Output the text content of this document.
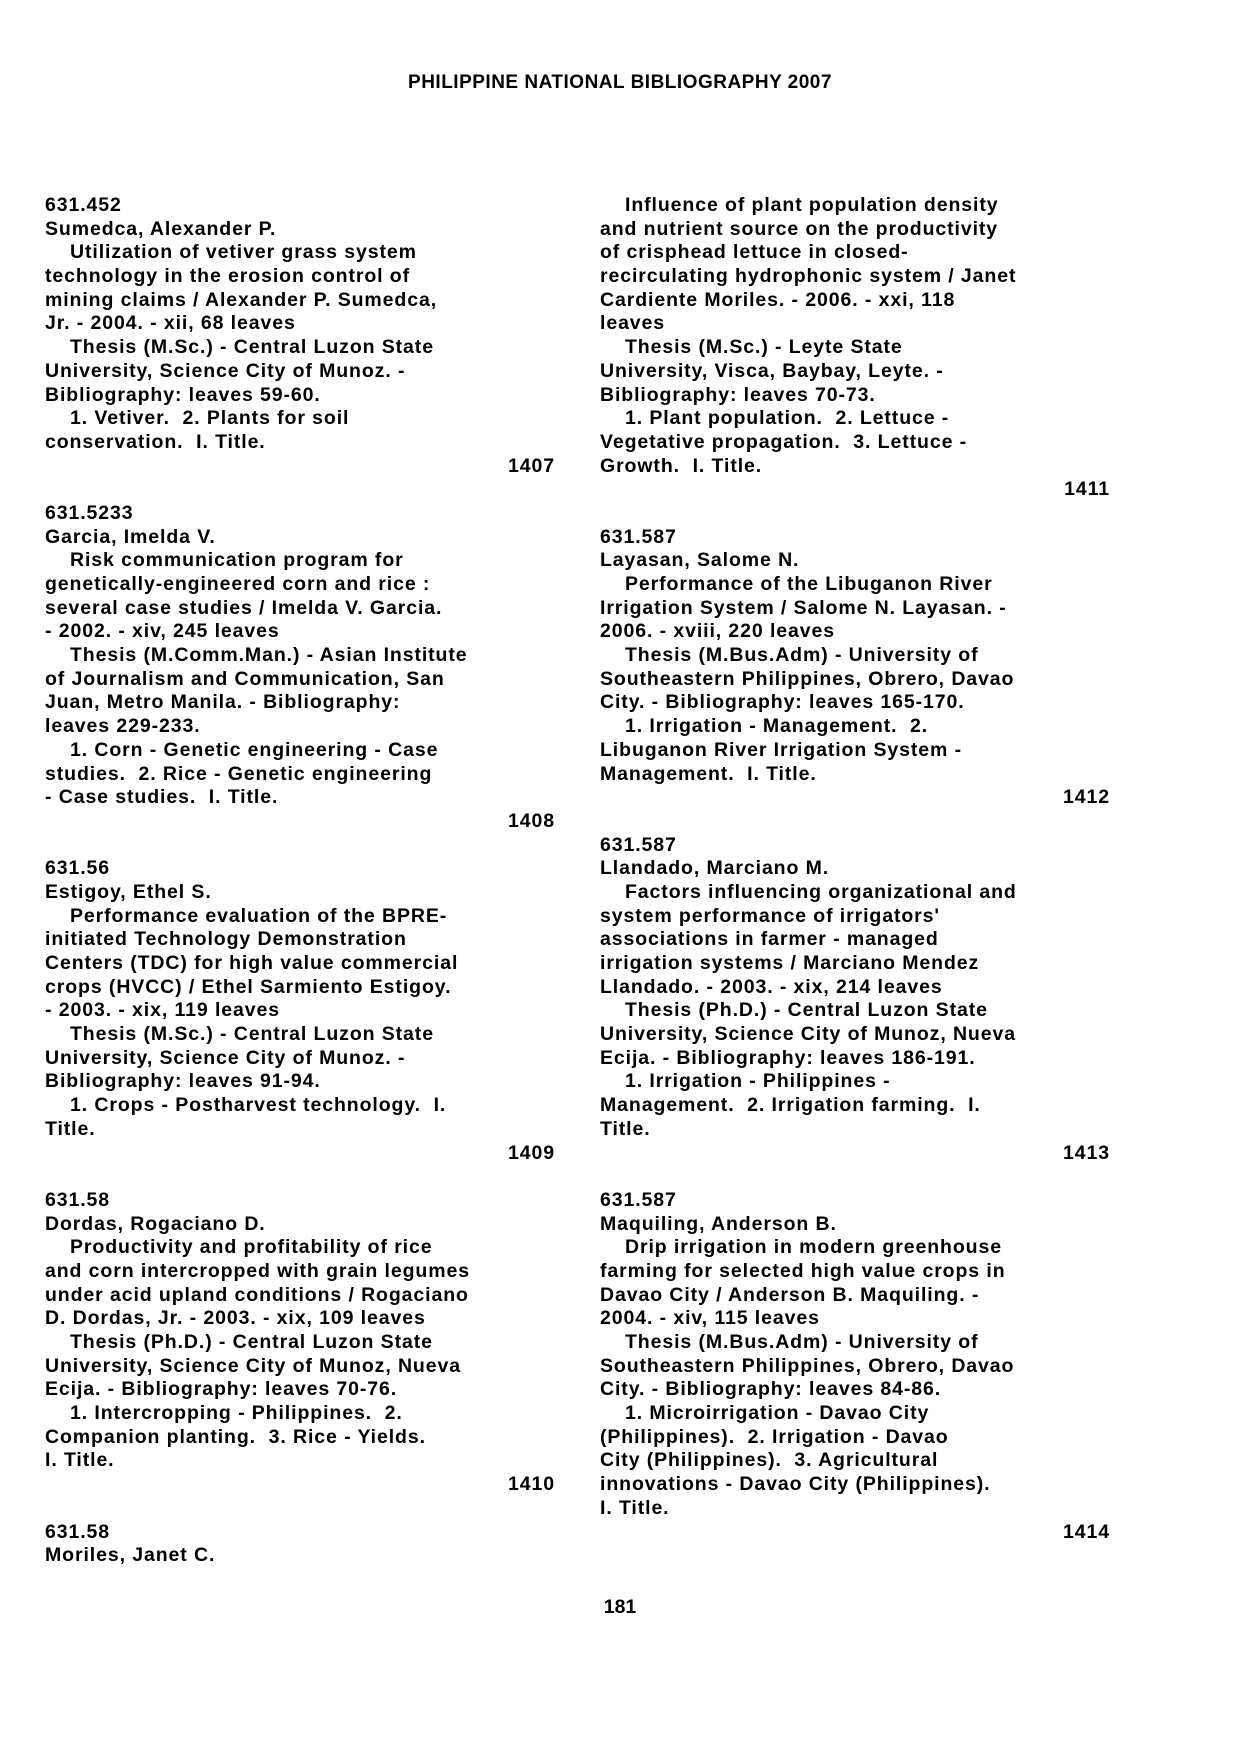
PHILIPPINE NATIONAL BIBLIOGRAPHY 2007
631.452
Sumedca, Alexander P.
Utilization of vetiver grass system
technology in the erosion control of
mining claims / Alexander P. Sumedca,
Jr. - 2004. - xii, 68 leaves
Thesis (M.Sc.) - Central Luzon State
University, Science City of Munoz. -
Bibliography: leaves 59-60.
1. Vetiver.  2. Plants for soil
conservation.  I. Title.
1407
631.5233
Garcia, Imelda V.
Risk communication program for
genetically-engineered corn and rice :
several case studies / Imelda V. Garcia.
- 2002. - xiv, 245 leaves
Thesis (M.Comm.Man.) - Asian Institute
of Journalism and Communication, San
Juan, Metro Manila. - Bibliography:
leaves 229-233.
1. Corn - Genetic engineering - Case
studies.  2. Rice - Genetic engineering
- Case studies.  I. Title.
1408
631.56
Estigoy, Ethel S.
Performance evaluation of the BPRE-
initiated Technology Demonstration
Centers (TDC) for high value commercial
crops (HVCC) / Ethel Sarmiento Estigoy.
- 2003. - xix, 119 leaves
Thesis (M.Sc.) - Central Luzon State
University, Science City of Munoz. -
Bibliography: leaves 91-94.
1. Crops - Postharvest technology.  I.
Title.
1409
631.58
Dordas, Rogaciano D.
Productivity and profitability of rice
and corn intercropped with grain legumes
under acid upland conditions / Rogaciano
D. Dordas, Jr. - 2003. - xix, 109 leaves
Thesis (Ph.D.) - Central Luzon State
University, Science City of Munoz, Nueva
Ecija. - Bibliography: leaves 70-76.
1. Intercropping - Philippines.  2.
Companion planting.  3. Rice - Yields.
I. Title.
1410
631.58
Moriles, Janet C.
Influence of plant population density
and nutrient source on the productivity
of crisphead lettuce in closed-
recirculating hydrophonic system / Janet
Cardiente Moriles. - 2006. - xxi, 118
leaves
Thesis (M.Sc.) - Leyte State
University, Visca, Baybay, Leyte. -
Bibliography: leaves 70-73.
1. Plant population.  2. Lettuce -
Vegetative propagation.  3. Lettuce -
Growth.  I. Title.
1411
631.587
Layasan, Salome N.
Performance of the Libuganon River
Irrigation System / Salome N. Layasan. -
2006. - xviii, 220 leaves
Thesis (M.Bus.Adm) - University of
Southeastern Philippines, Obrero, Davao
City. - Bibliography: leaves 165-170.
1. Irrigation - Management.  2.
Libuganon River Irrigation System -
Management.  I. Title.
1412
631.587
Llandado, Marciano M.
Factors influencing organizational and
system performance of irrigators'
associations in farmer - managed
irrigation systems / Marciano Mendez
Llandado. - 2003. - xix, 214 leaves
Thesis (Ph.D.) - Central Luzon State
University, Science City of Munoz, Nueva
Ecija. - Bibliography: leaves 186-191.
1. Irrigation - Philippines -
Management.  2. Irrigation farming.  I.
Title.
1413
631.587
Maquiling, Anderson B.
Drip irrigation in modern greenhouse
farming for selected high value crops in
Davao City / Anderson B. Maquiling. -
2004. - xiv, 115 leaves
Thesis (M.Bus.Adm) - University of
Southeastern Philippines, Obrero, Davao
City. - Bibliography: leaves 84-86.
1. Microirrigation - Davao City
(Philippines).  2. Irrigation - Davao
City (Philippines).  3. Agricultural
innovations - Davao City (Philippines).
I. Title.
1414
181
